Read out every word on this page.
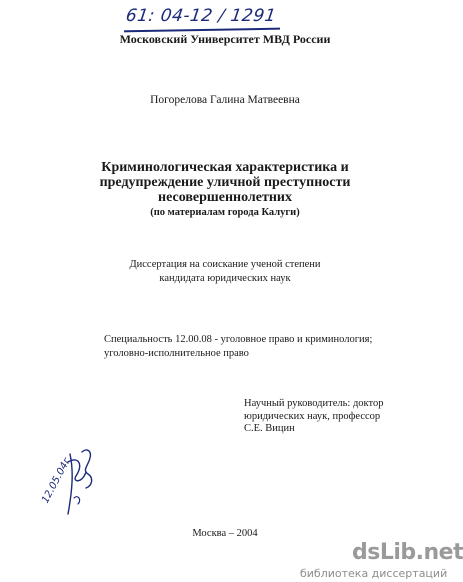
61: 04-12 / 1291
Московский Университет МВД России
Погорелова Галина Матвеевна
Криминологическая характеристика и
предупреждение уличной преступности
несовершеннолетних
(по материалам города Калуги)
Диссертация на соискание ученой степени
кандидата юридических наук
Специальность 12.00.08 - уголовное право и криминология;
уголовно-исполнительное право
Научный руководитель: доктор
юридических наук, профессор
С.Е. Вицин
12.05.04г.
Москва – 2004
dsLib.net
библиотека диссертаций
